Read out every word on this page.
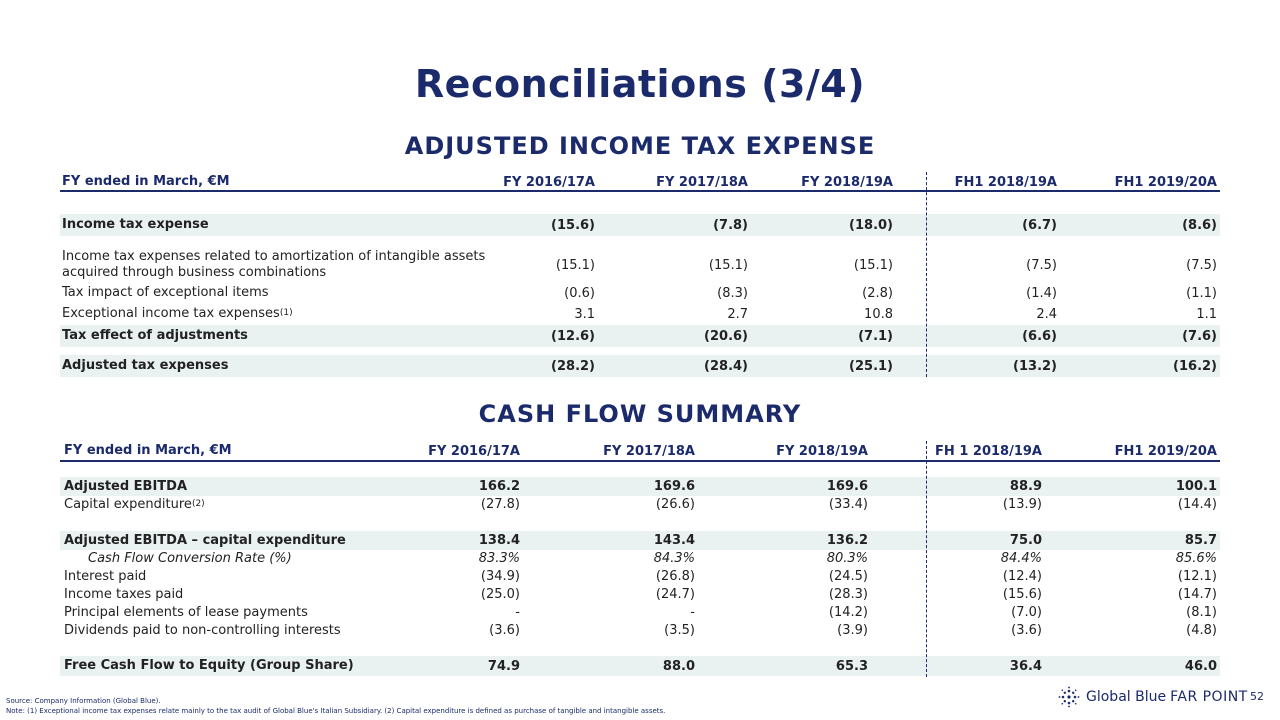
Reconciliations (3/4)
ADJUSTED INCOME TAX EXPENSE
FY ended in March, €M	FY 2016/17A	FY 2017/18A	FY 2018/19A	FH1 2018/19A	FH1 2019/20A
Income tax expense	(15.6)	(7.8)	(18.0)	(6.7)	(8.6)
Income tax expenses related to amortization of intangible assets
acquired through business combinations	(15.1)	(15.1)	(15.1)	(7.5)	(7.5)
Tax impact of exceptional items	(0.6)	(8.3)	(2.8)	(1.4)	(1.1)
Exceptional income tax expenses$^{(1)}$	3.1	2.7	10.8	2.4	1.1
Tax effect of adjustments	(12.6)	(20.6)	(7.1)	(6.6)	(7.6)
Adjusted tax expenses	(28.2)	(28.4)	(25.1)	(13.2)	(16.2)
CASH FLOW SUMMARY
FY ended in March, €M	FY 2016/17A	FY 2017/18A	FY 2018/19A	FH 1 2018/19A	FH1 2019/20A
Adjusted EBITDA	166.2	169.6	169.6	88.9	100.1
Capital expenditure$^{(2)}$	(27.8)	(26.6)	(33.4)	(13.9)	(14.4)
Adjusted EBITDA – capital expenditure	138.4	143.4	136.2	75.0	85.7
Cash Flow Conversion Rate (%)	83.3%	84.3%	80.3%	84.4%	85.6%
Interest paid	(34.9)	(26.8)	(24.5)	(12.4)	(12.1)
Income taxes paid	(25.0)	(24.7)	(28.3)	(15.6)	(14.7)
Principal elements of lease payments	-	-	(14.2)	(7.0)	(8.1)
Dividends paid to non-controlling interests	(3.6)	(3.5)	(3.9)	(3.6)	(4.8)
Free Cash Flow to Equity (Group Share)	74.9	88.0	65.3	36.4	46.0
Source: Company Information (Global Blue).
Note: (1) Exceptional income tax expenses relate mainly to the tax audit of Global Blue's Italian Subsidiary. (2) Capital expenditure is defined as purchase of tangible and intangible assets.
Global Blue FAR POINT 52
